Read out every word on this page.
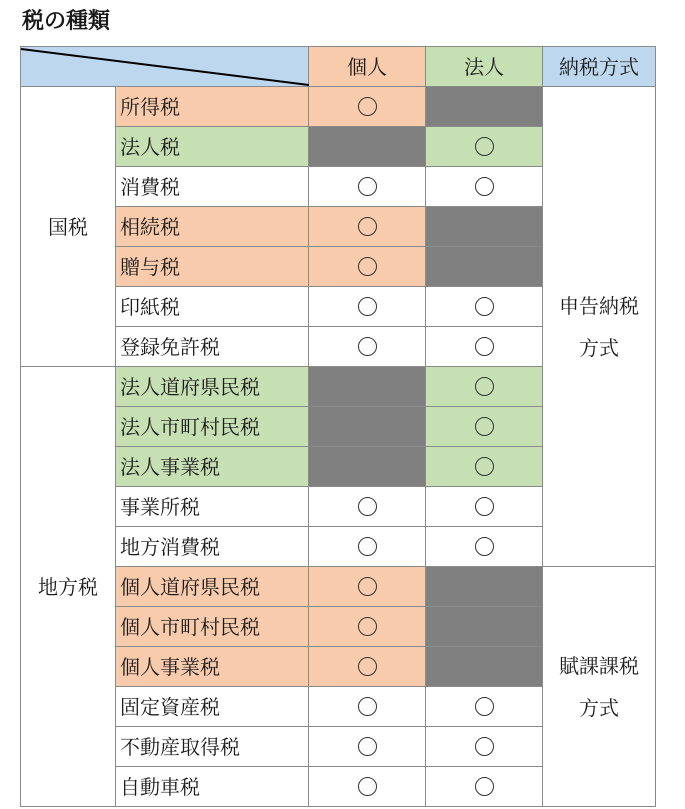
税の種類
個人	法人	納税方式
国税
地方税
申告納税
方式
賦課課税
方式
所得税
法人税
消費税
相続税
贈与税
印紙税
登録免許税
法人道府県民税
法人市町村民税
法人事業税
事業所税
地方消費税
個人道府県民税
個人市町村民税
個人事業税
固定資産税
不動産取得税
自動車税
